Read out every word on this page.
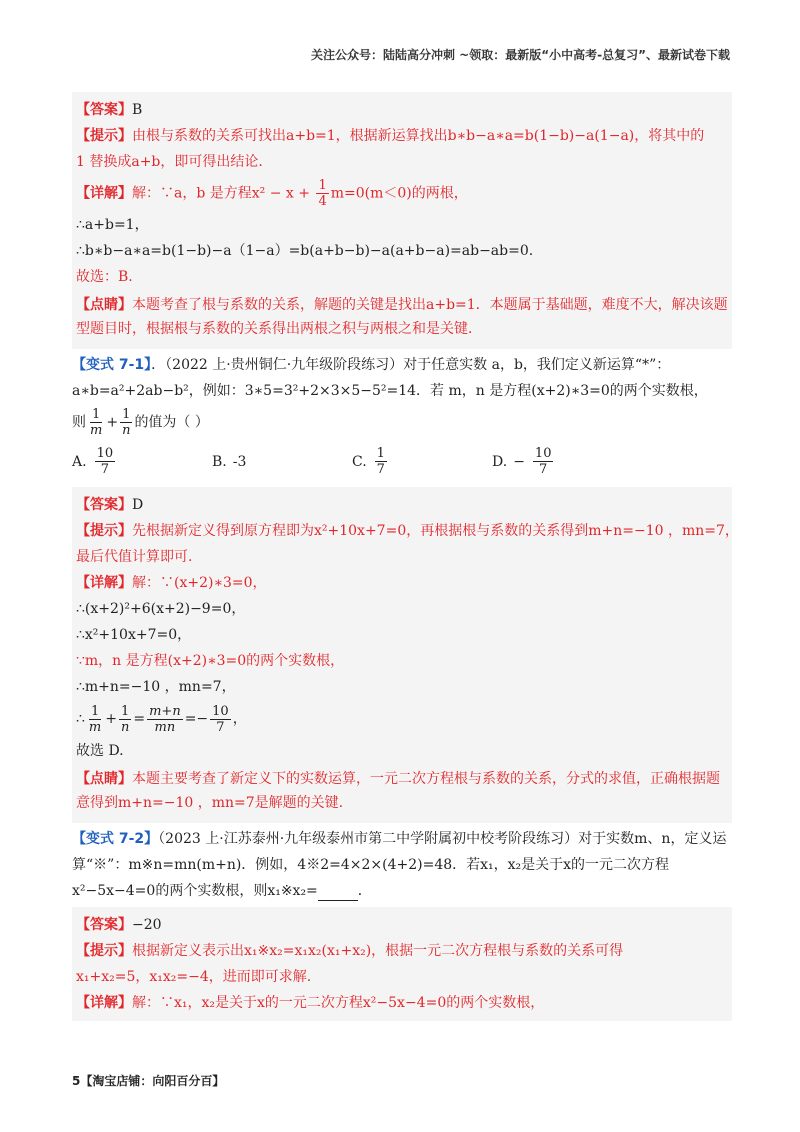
关注公众号：陆陆高分冲刺 ~领取：最新版“小中高考-总复习”、最新试卷下载
【答案】B
【提示】由根与系数的关系可找出a+b=1，根据新运算找出b∗b−a∗a=b(1−b)−a(1−a)，将其中的
1 替换成a+b，即可得出结论.
【详解】解：∵a，b 是方程$x^2 - x + \frac{1}{4} m=0(m<0)$的两根，
∴a+b=1，
∴b∗b−a∗a=b(1−b)−a（1−a）=b(a+b−b)−a(a+b−a)=ab−ab=0.
故选：B.
【点睛】本题考查了根与系数的关系，解题的关键是找出a+b=1．本题属于基础题，难度不大，解决该题型题目时，根据根与系数的关系得出两根之积与两根之和是关键．
【变式 7-1】．（2022 上·贵州铜仁·九年级阶段练习）对于任意实数 a，b，我们定义新运算“*”：
a∗b=a²+2ab−b²，例如：3∗5=3²+2×3×5−5²=14．若 m，n 是方程(x+2)∗3=0的两个实数根，
则 $\frac{1}{m} + \frac{1}{n}$ 的值为（ ）
A. $\frac{10}{7}$	B. -3	C. $\frac{1}{7}$	D. − $\frac{10}{7}$
【答案】D
【提示】先根据新定义得到原方程即为x²+10x+7=0，再根据根与系数的关系得到m+n=−10 ，mn=7，
最后代值计算即可.
【详解】解：∵(x+2)∗3=0，
∴(x+2)²+6(x+2)−9=0，
∴x²+10x+7=0，
∵m，n 是方程(x+2)∗3=0的两个实数根，
∴m+n=−10 ，mn=7，
∴ $\frac{1}{m} + \frac{1}{n} = \frac{m+n}{mn} =- \frac{10}{7}$ ，
故选 D.
【点睛】本题主要考查了新定义下的实数运算，一元二次方程根与系数的关系，分式的求值，正确根据题意得到m+n=−10 ，mn=7是解题的关键.
【变式 7-2】（2023 上·江苏泰州·九年级泰州市第二中学附属初中校考阶段练习）对于实数m、n，定义运
算“※”：m※n=mn(m+n)．例如，4※2=4×2×(4+2)=48．若x₁，x₂是关于x的一元二次方程
x²−5x−4=0的两个实数根，则x₁※x₂=	．
【答案】−20
【提示】根据新定义表示出x₁※x₂=x₁x₂(x₁+x₂)，根据一元二次方程根与系数的关系可得
x₁+x₂=5，x₁x₂=−4，进而即可求解.
【详解】解：∵x₁，x₂是关于x的一元二次方程x²−5x−4=0的两个实数根，
5【淘宝店铺：向阳百分百】
